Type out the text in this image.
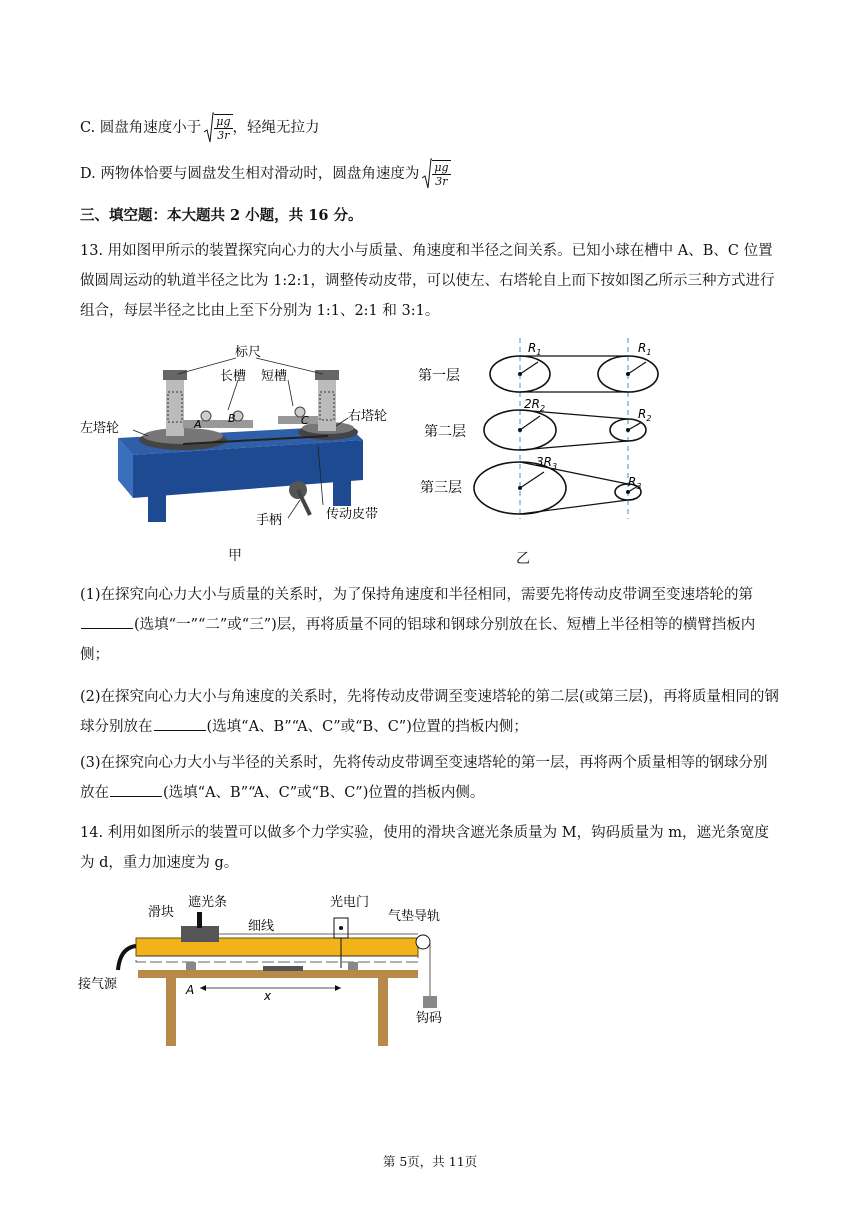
C. 圆盘角速度小于 $\frac{\mu g}{3r}$ ，轻绳无拉力
D. 两物体恰要与圆盘发生相对滑动时，圆盘角速度为 $\frac{\mu g}{3r}$
三、填空题：本大题共 2 小题，共 16 分。
13. 用如图甲所示的装置探究向心力的大小与质量、角速度和半径之间关系。已知小球在槽中 A、B、C 位置做圆周运动的轨道半径之比为 1:2:1，调整传动皮带，可以使左、右塔轮自上而下按如图乙所示三种方式进行组合，每层半径之比由上至下分别为 1:1、2:1 和 3:1。
标尺
长槽 短槽
右塔轮
左塔轮
手柄	传动皮带
A B	C
甲
第一层
第二层
第三层
$R_1$	$R_1$
$2R_2$	$R_2$
$3R_3$
$R_3$
乙
(1)在探究向心力大小与质量的关系时，为了保持角速度和半径相同，需要先将传动皮带调至变速塔轮的第(选填“一”“二”或“三”)层，再将质量不同的铝球和钢球分别放在长、短槽上半径相等的横臂挡板内侧；
(2)在探究向心力大小与角速度的关系时，先将传动皮带调至变速塔轮的第二层(或第三层)，再将质量相同的钢球分别放在	(选填“A、B”“A、C”或“B、C”)位置的挡板内侧；
(3)在探究向心力大小与半径的关系时，先将传动皮带调至变速塔轮的第一层，再将两个质量相等的钢球分别放在	(选填“A、B”“A、C”或“B、C”)位置的挡板内侧。
14. 利用如图所示的装置可以做多个力学实验，使用的滑块含遮光条质量为 M，钩码质量为 m，遮光条宽度为 d，重力加速度为 g。
滑块
遮光条	光电门
细线
气垫导轨
接气源	A	x
钩码
第 5页，共 11页
